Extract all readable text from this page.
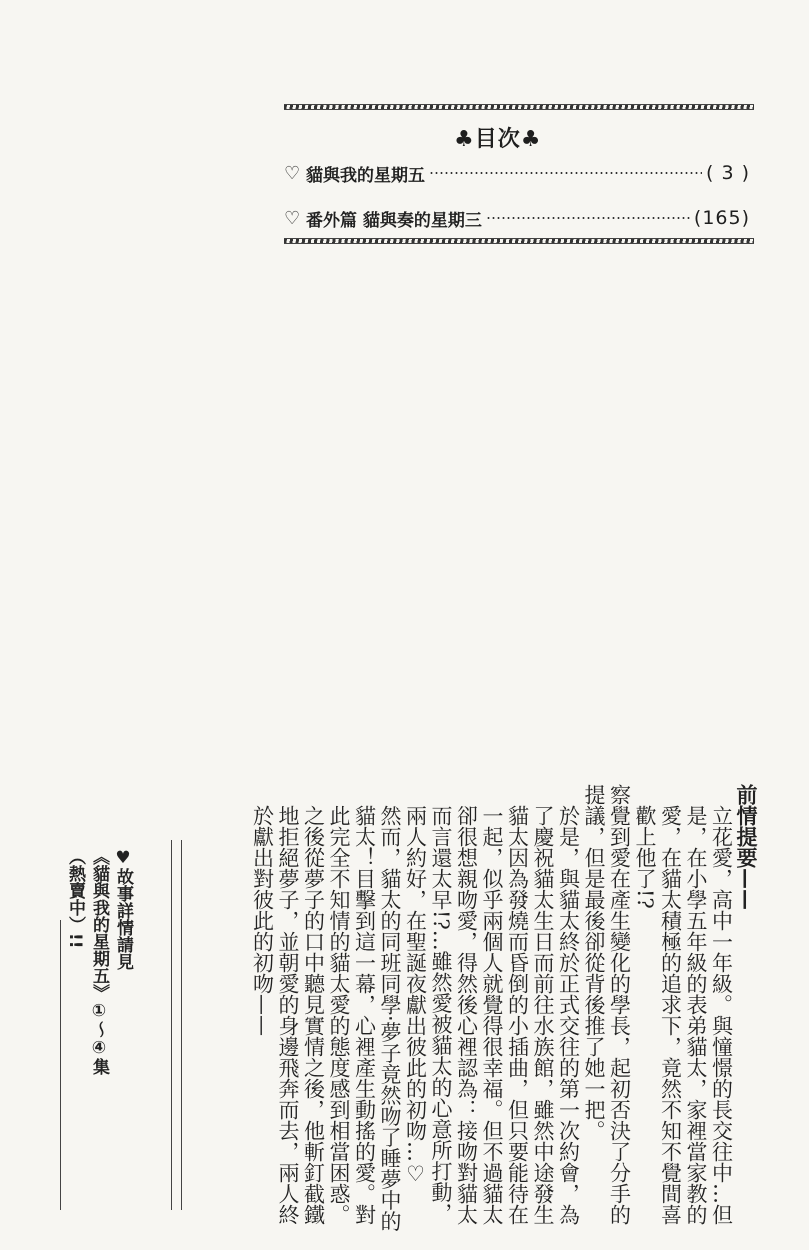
♣目次♣
♡ 貓與我的星期五	( 3 )
♡ 番外篇 貓與奏的星期三	(165)

前情提要——

立花愛，高中一年級。與憧憬的長交往中…但是，在小學五年級的表弟貓太，家裡當家教的愛，在貓太積極的追求下，竟然不知不覺間喜歡上他了!?

察覺到愛在產生變化的學長，起初否決了分手的提議，但是最後卻從背後推了她一把。

於是，與貓太終於正式交往的第一次約會，為了慶祝貓太生日而前往水族館，雖然中途發生貓太因為發燒而昏倒的小插曲，但只要能待在一起，似乎兩個人就覺得很幸福。但不過貓太卻很想親吻愛，得然後心裡認為：接吻對貓太而言還太早!?…雖然愛被貓太的心意所打動，兩人約好，在聖誕夜獻出彼此的初吻…♡

然而，貓太的同班同學‧夢子竟然吻了睡夢中的貓太！目擊到這一幕，心裡產生動搖的愛。對此完全不知情的貓太愛的態度感到相當困惑。之後從夢子的口中聽見實情之後，他斬釘截鐵地拒絕夢子，並朝愛的身邊飛奔而去，兩人終於獻出對彼此的初吻——

♥故事詳情請見
《貓與我的星期五》①～④集
（熱賣中）!!
